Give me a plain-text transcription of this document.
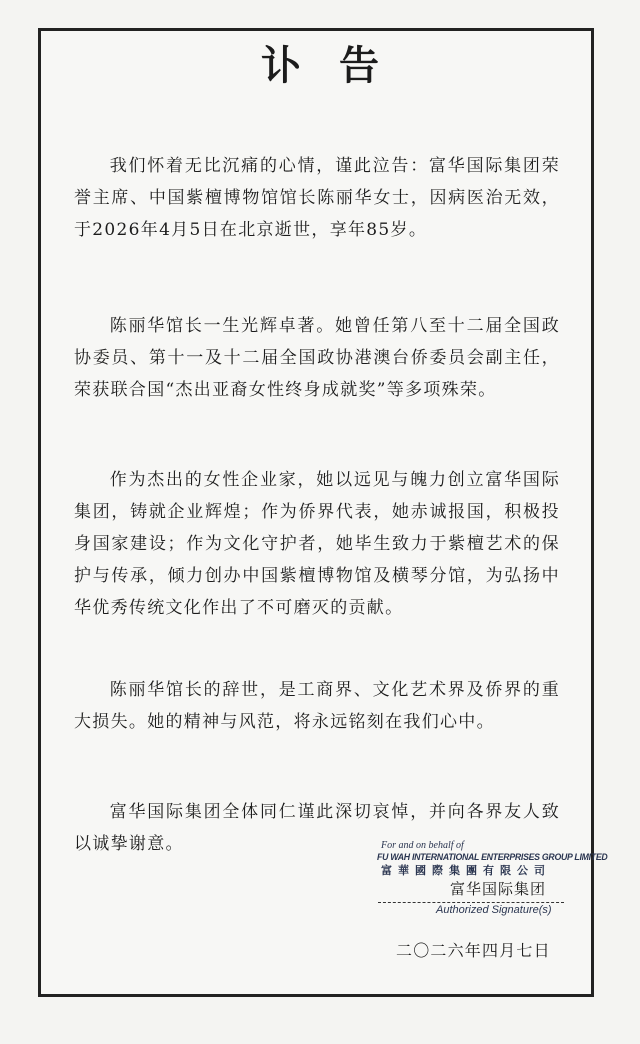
讣告

我们怀着无比沉痛的心情，谨此泣告：富华国际集团荣誉主席、中国紫檀博物馆馆长陈丽华女士，因病医治无效，于2026年4月5日在北京逝世，享年85岁。

陈丽华馆长一生光辉卓著。她曾任第八至十二届全国政协委员、第十一及十二届全国政协港澳台侨委员会副主任，荣获联合国“杰出亚裔女性终身成就奖”等多项殊荣。

作为杰出的女性企业家，她以远见与魄力创立富华国际集团，铸就企业辉煌；作为侨界代表，她赤诚报国，积极投身国家建设；作为文化守护者，她毕生致力于紫檀艺术的保护与传承，倾力创办中国紫檀博物馆及横琴分馆，为弘扬中华优秀传统文化作出了不可磨灭的贡献。

陈丽华馆长的辞世，是工商界、文化艺术界及侨界的重大损失。她的精神与风范，将永远铭刻在我们心中。

富华国际集团全体同仁谨此深切哀悼，并向各界友人致以诚挚谢意。	For and on behalf of
FU WAH INTERNATIONAL ENTERPRISES GROUP LIMITED
富華國際集團有限公司
富华国际集团
Authorized Signature(s)
二〇二六年四月七日
